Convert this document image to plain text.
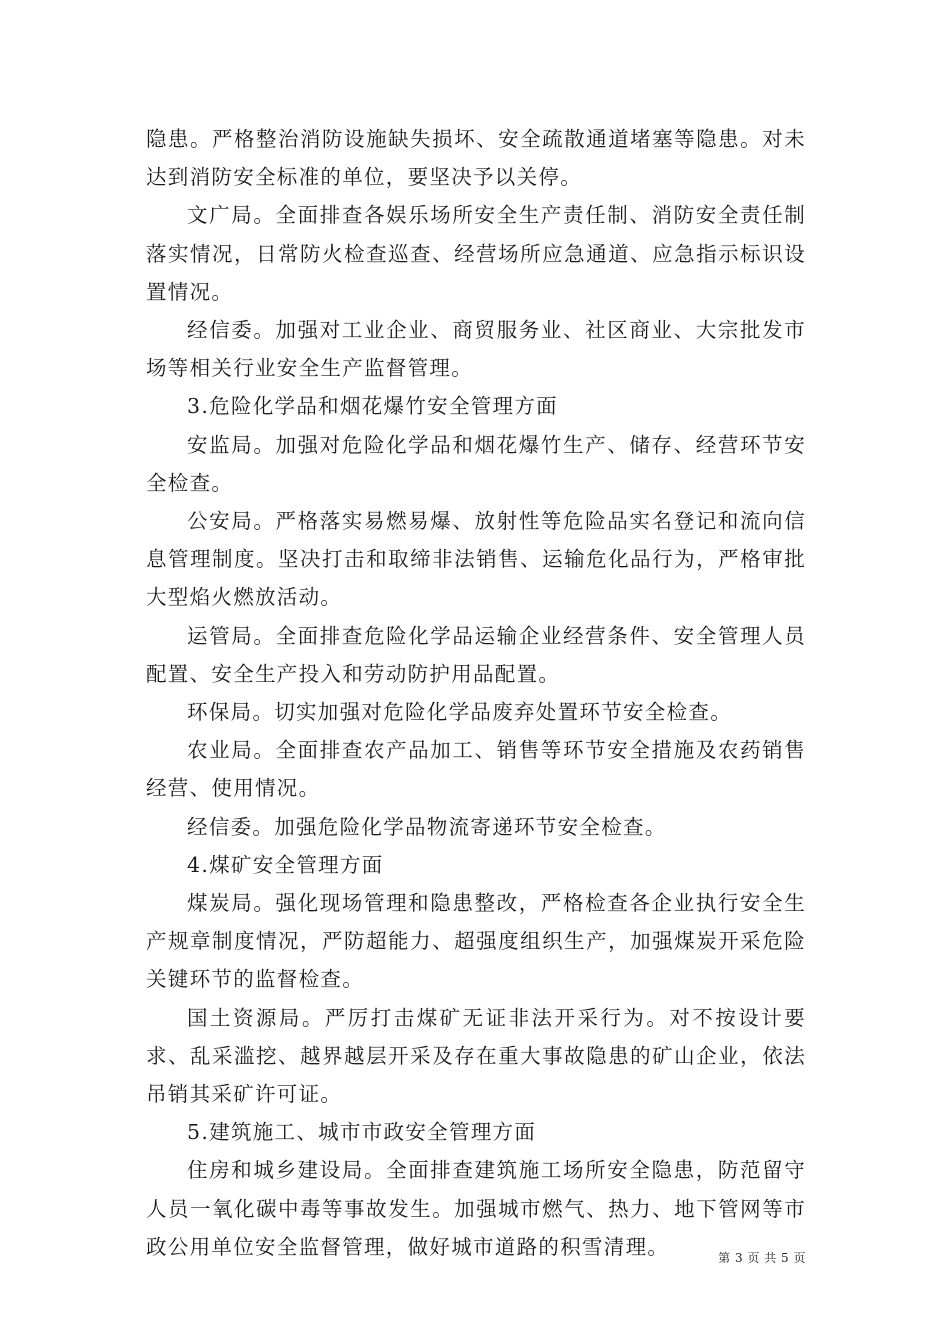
隐患。严格整治消防设施缺失损坏、安全疏散通道堵塞等隐患。对未达到消防安全标准的单位，要坚决予以关停。

文广局。全面排查各娱乐场所安全生产责任制、消防安全责任制落实情况，日常防火检查巡查、经营场所应急通道、应急指示标识设置情况。

经信委。加强对工业企业、商贸服务业、社区商业、大宗批发市场等相关行业安全生产监督管理。

3.危险化学品和烟花爆竹安全管理方面

安监局。加强对危险化学品和烟花爆竹生产、储存、经营环节安全检查。

公安局。严格落实易燃易爆、放射性等危险品实名登记和流向信息管理制度。坚决打击和取缔非法销售、运输危化品行为，严格审批大型焰火燃放活动。

运管局。全面排查危险化学品运输企业经营条件、安全管理人员配置、安全生产投入和劳动防护用品配置。

环保局。切实加强对危险化学品废弃处置环节安全检查。

农业局。全面排查农产品加工、销售等环节安全措施及农药销售经营、使用情况。

经信委。加强危险化学品物流寄递环节安全检查。

4.煤矿安全管理方面

煤炭局。强化现场管理和隐患整改，严格检查各企业执行安全生产规章制度情况，严防超能力、超强度组织生产，加强煤炭开采危险关键环节的监督检查。

国土资源局。严厉打击煤矿无证非法开采行为。对不按设计要求、乱采滥挖、越界越层开采及存在重大事故隐患的矿山企业，依法吊销其采矿许可证。

5.建筑施工、城市市政安全管理方面

住房和城乡建设局。全面排查建筑施工场所安全隐患，防范留守人员一氧化碳中毒等事故发生。加强城市燃气、热力、地下管网等市政公用单位安全监督管理，做好城市道路的积雪清理。	第 3 页 共 5 页
